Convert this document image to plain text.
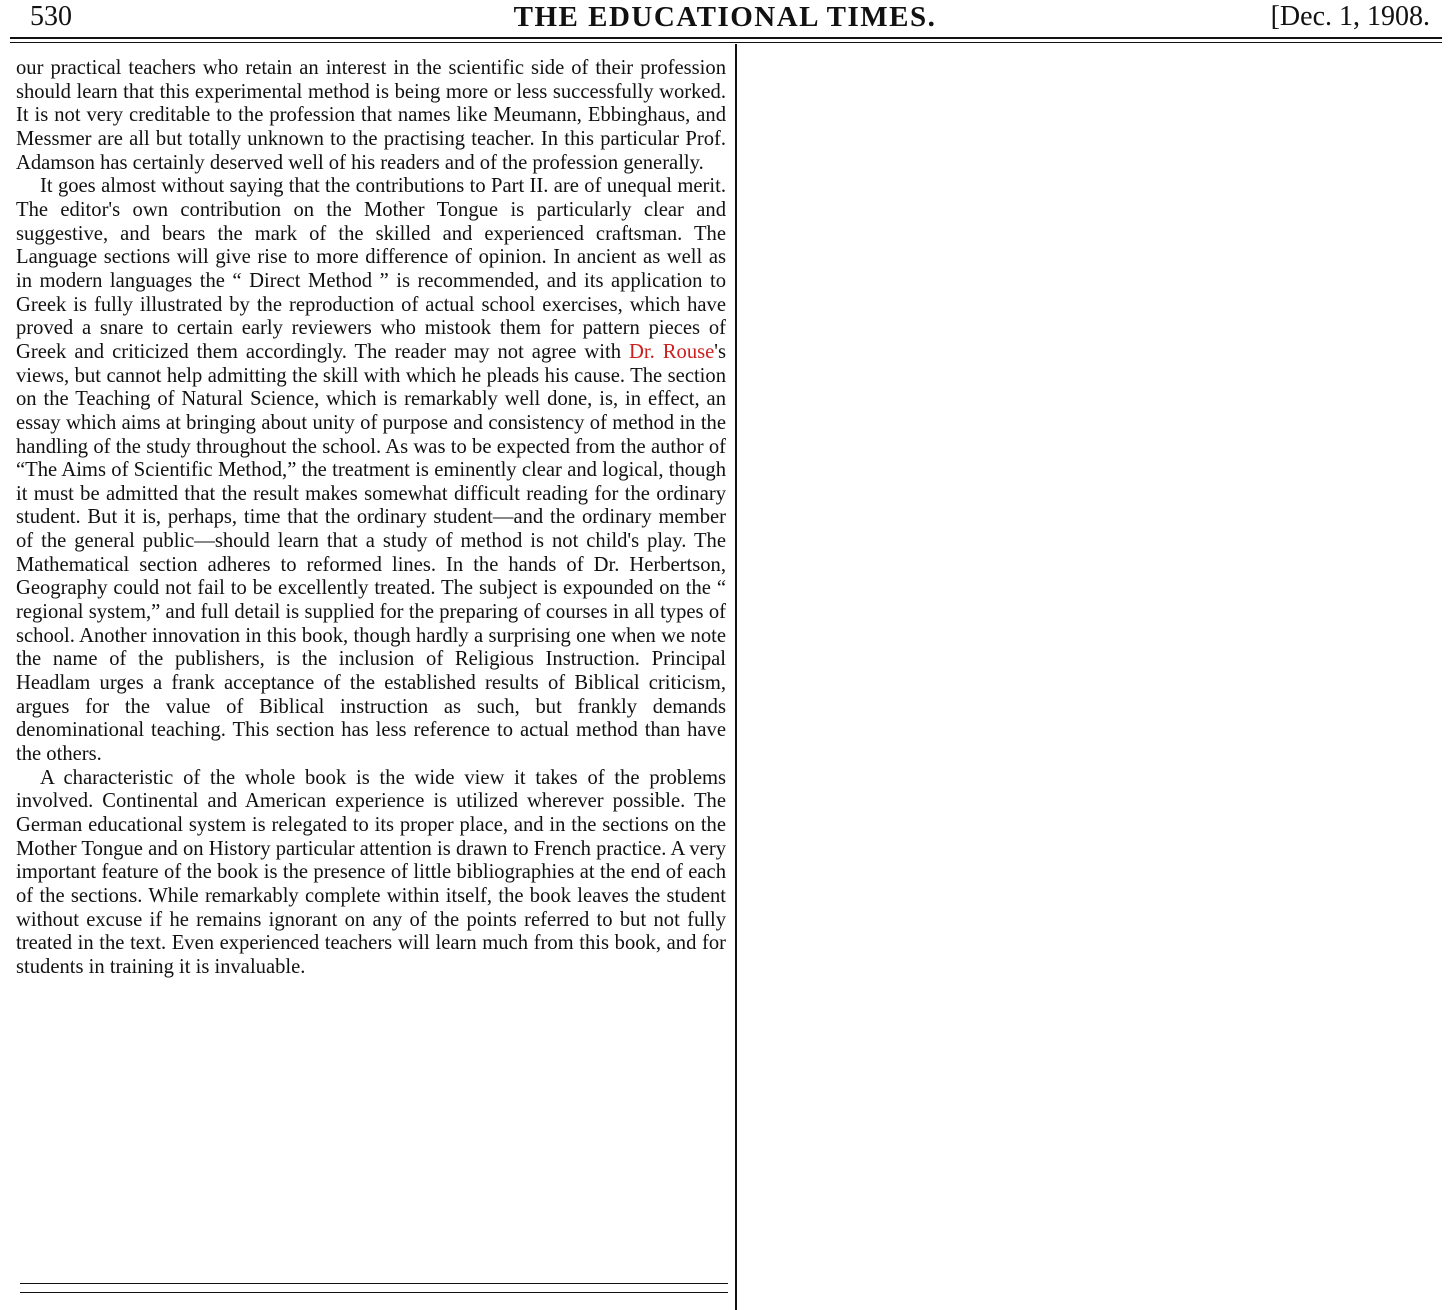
530	THE EDUCATIONAL TIMES.	[Dec. 1, 1908.

our practical teachers who retain an interest in the scientific side of their profession should learn that this experimental method is being more or less successfully worked. It is not very creditable to the profession that names like Meumann, Ebbinghaus, and Messmer are all but totally unknown to the practising teacher. In this particular Prof. Adamson has certainly deserved well of his readers and of the profession generally.

It goes almost without saying that the contributions to Part II. are of unequal merit. The editor's own contribution on the Mother Tongue is particularly clear and suggestive, and bears the mark of the skilled and experienced craftsman. The Language sections will give rise to more difference of opinion. In ancient as well as in modern languages the “ Direct Method ” is recommended, and its application to Greek is fully illustrated by the reproduction of actual school exercises, which have proved a snare to certain early reviewers who mistook them for pattern pieces of Greek and criticized them accordingly. The reader may not agree with Dr. Rouse's views, but cannot help admitting the skill with which he pleads his cause. The section on the Teaching of Natural Science, which is remarkably well done, is, in effect, an essay which aims at bringing about unity of purpose and consistency of method in the handling of the study throughout the school. As was to be expected from the author of “The Aims of Scientific Method,” the treatment is eminently clear and logical, though it must be admitted that the result makes somewhat difficult reading for the ordinary student. But it is, perhaps, time that the ordinary student—and the ordinary member of the general public—should learn that a study of method is not child's play. The Mathematical section adheres to reformed lines. In the hands of Dr. Herbertson, Geography could not fail to be excellently treated. The subject is expounded on the “ regional system,” and full detail is supplied for the preparing of courses in all types of school. Another innovation in this book, though hardly a surprising one when we note the name of the publishers, is the inclusion of Religious Instruction. Principal Headlam urges a frank acceptance of the established results of Biblical criticism, argues for the value of Biblical instruction as such, but frankly demands denominational teaching. This section has less reference to actual method than have the others.

A characteristic of the whole book is the wide view it takes of the problems involved. Continental and American experience is utilized wherever possible. The German educational system is relegated to its proper place, and in the sections on the Mother Tongue and on History particular attention is drawn to French practice. A very important feature of the book is the presence of little bibliographies at the end of each of the sections. While remarkably complete within itself, the book leaves the student without excuse if he remains ignorant on any of the points referred to but not fully treated in the text. Even experienced teachers will learn much from this book, and for students in training it is invaluable.
